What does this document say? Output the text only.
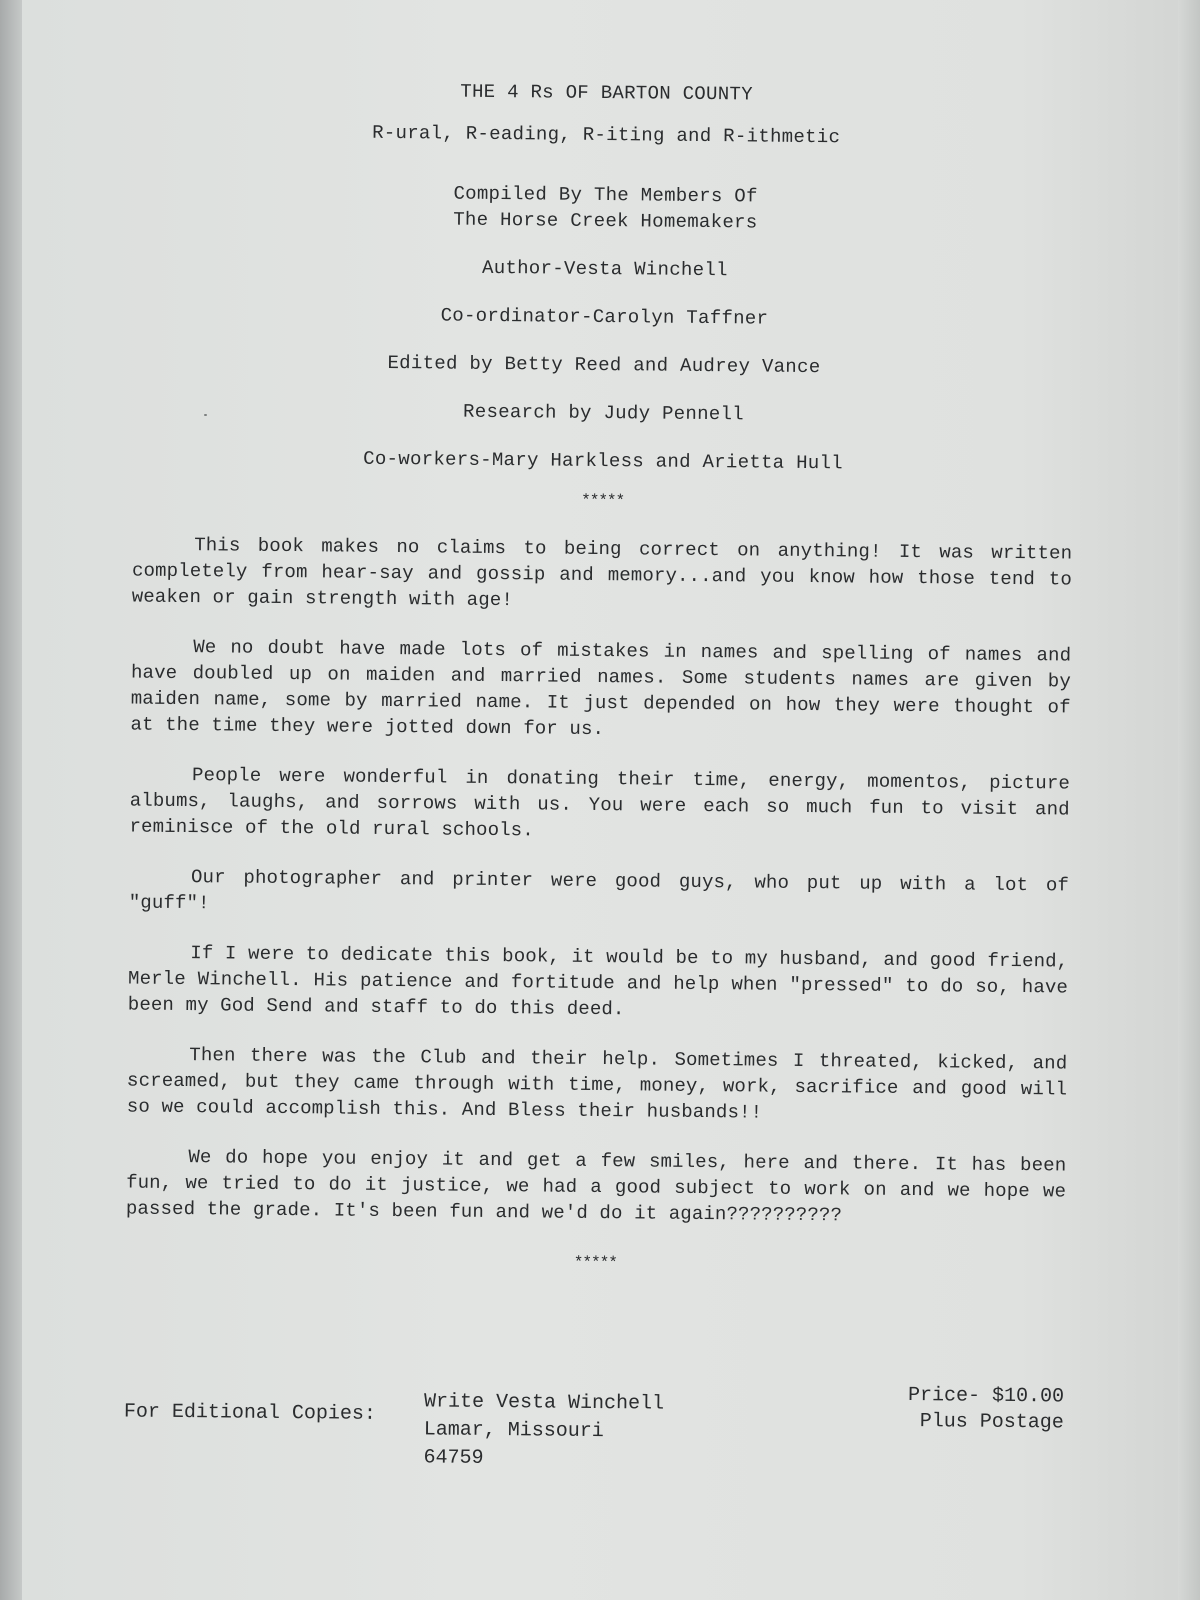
THE 4 Rs OF BARTON COUNTY

R-ural, R-eading, R-iting and R-ithmetic

Compiled By The Members Of

The Horse Creek Homemakers

Author-Vesta Winchell

Co-ordinator-Carolyn Taffner

Edited by Betty Reed and Audrey Vance

Research by Judy Pennell

Co-workers-Mary Harkless and Arietta Hull

*****

This book makes no claims to being correct on anything! It was written completely from hear-say and gossip and memory...and you know how those tend to weaken or gain strength with age!

We no doubt have made lots of mistakes in names and spelling of names and have doubled up on maiden and married names. Some students names are given by maiden name, some by married name. It just depended on how they were thought of at the time they were jotted down for us.

People were wonderful in donating their time, energy, momentos, picture albums, laughs, and sorrows with us. You were each so much fun to visit and reminisce of the old rural schools.

Our photographer and printer were good guys, who put up with a lot of "guff"!

If I were to dedicate this book, it would be to my husband, and good friend, Merle Winchell. His patience and fortitude and help when "pressed" to do so, have been my God Send and staff to do this deed.

Then there was the Club and their help. Sometimes I threated, kicked, and screamed, but they came through with time, money, work, sacrifice and good will so we could accomplish this. And Bless their husbands!!

We do hope you enjoy it and get a few smiles, here and there. It has been fun, we tried to do it justice, we had a good subject to work on and we hope we passed the grade. It's been fun and we'd do it again??????????

*****
For Editional Copies: Write Vesta Winchell
Lamar, Missouri
64759
Price- $10.00
Plus Postage
